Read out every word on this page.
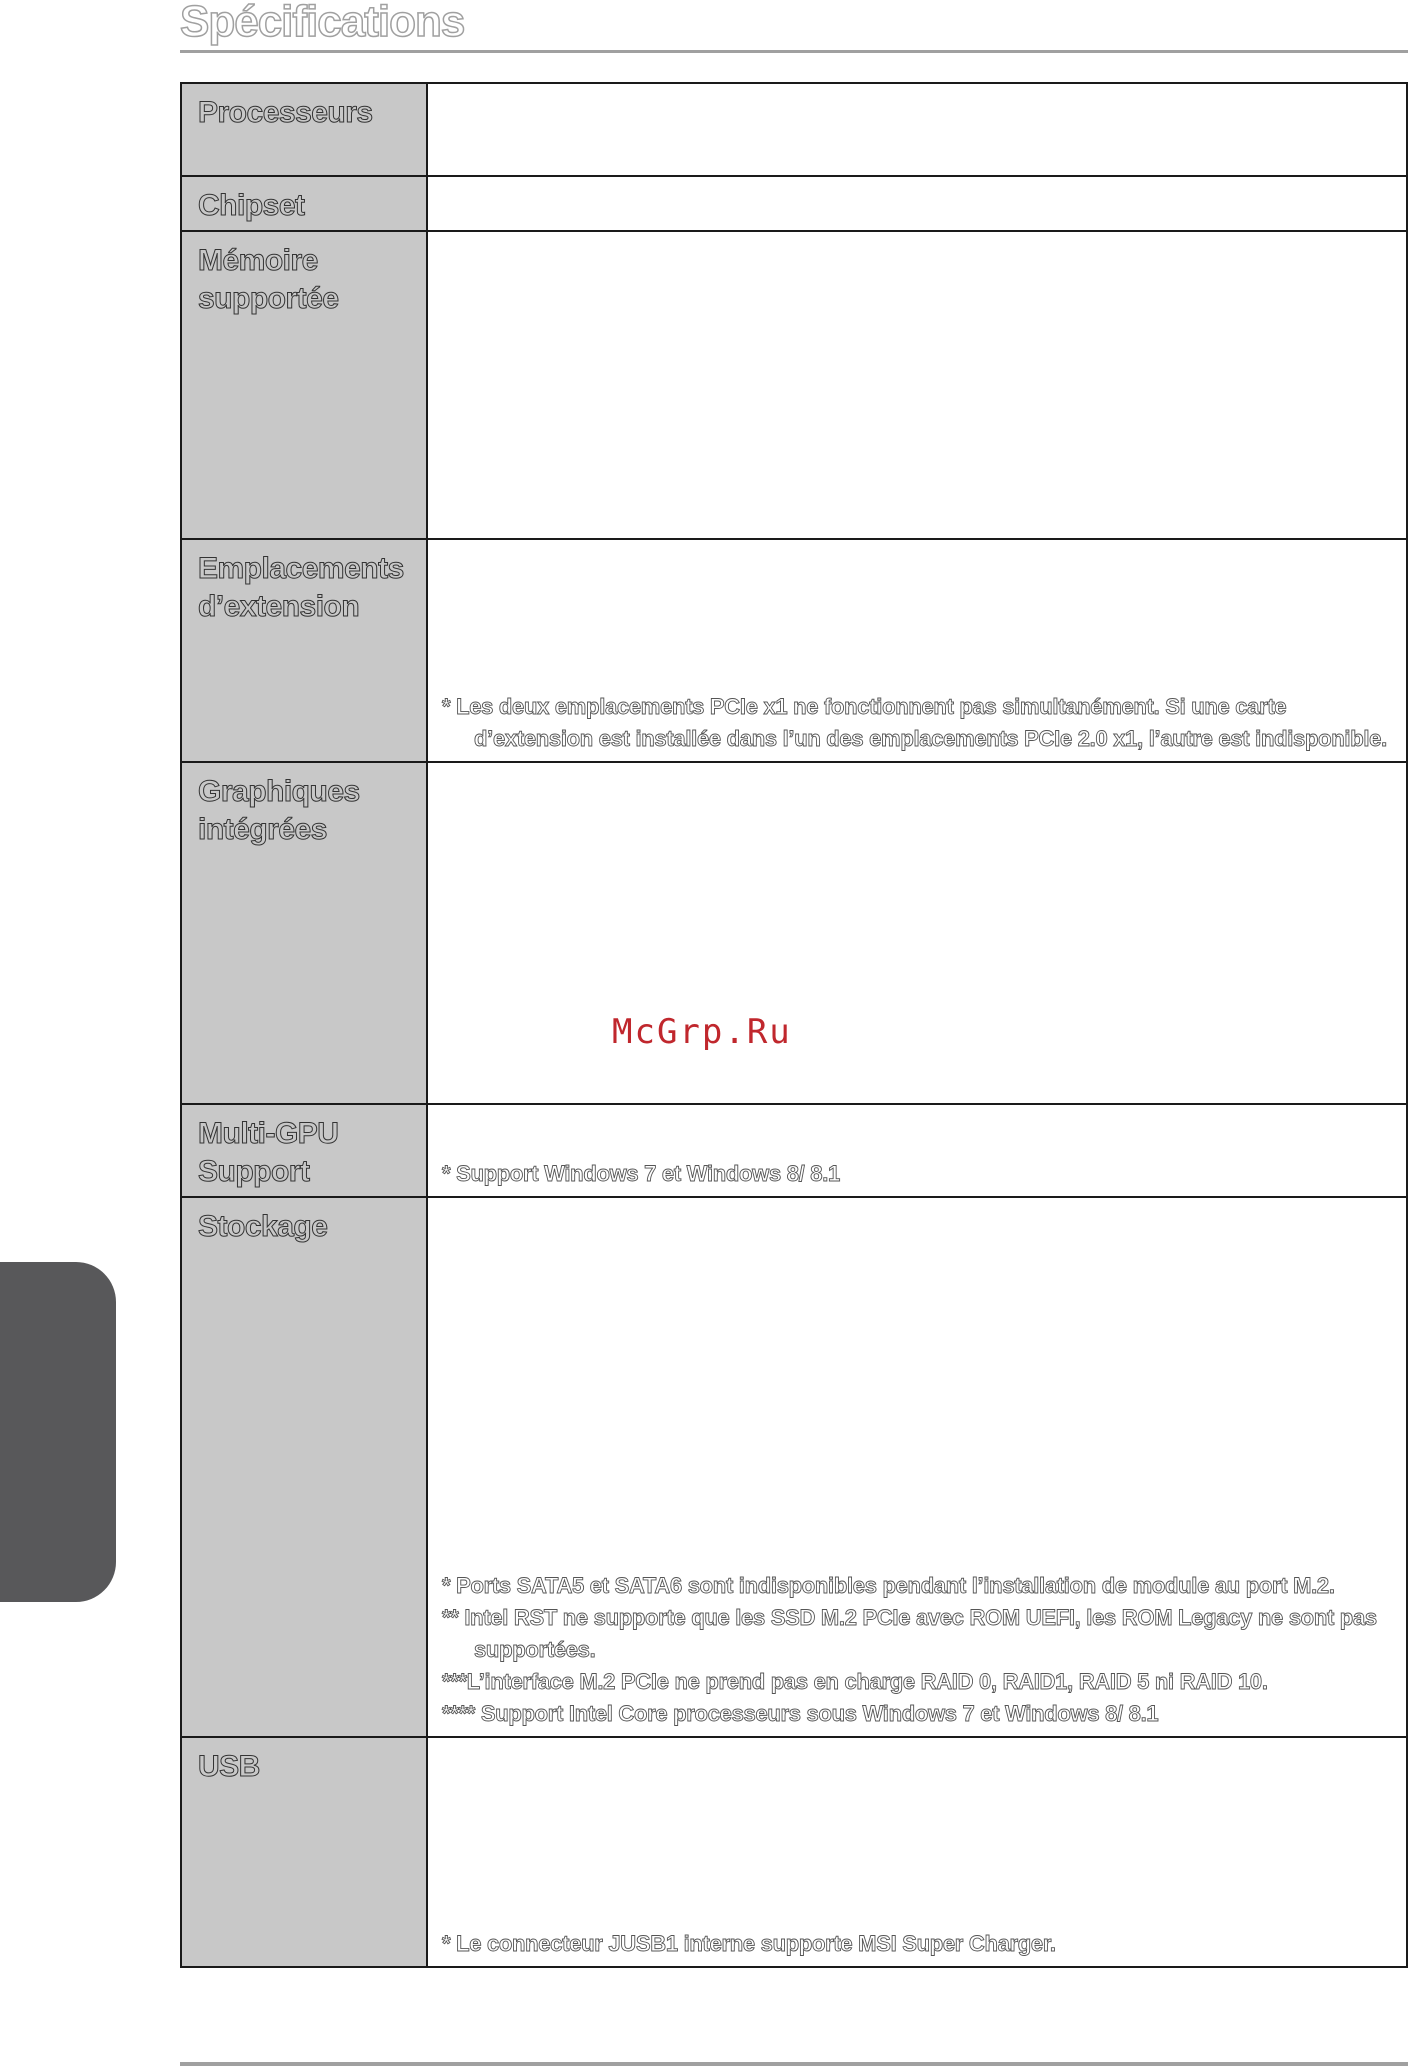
Spécifications
Processeurs	

Chipset	

Mémoire supportée	

Emplacements d’extension	* Les deux emplacements PCIe x1 ne fonctionnent pas simultanément. Si une carte d’extension est installée dans l’un des emplacements PCIe 2.0 x1, l’autre est indisponible.

Graphiques intégrées	

Multi-GPU Support	* Support Windows 7 et Windows 8/ 8.1

Stockage	* Ports SATA5 et SATA6 sont indisponibles pendant l’installation de module au port M.2.
** Intel RST ne supporte que les SSD M.2 PCIe avec ROM UEFI, les ROM Legacy ne sont pas supportées.
***L’interface M.2 PCIe ne prend pas en charge RAID 0, RAID1, RAID 5 ni RAID 10.
**** Support Intel Core processeurs sous Windows 7 et Windows 8/ 8.1

USB	* Le connecteur JUSB1 interne supporte MSI Super Charger.
McGrp.Ru
